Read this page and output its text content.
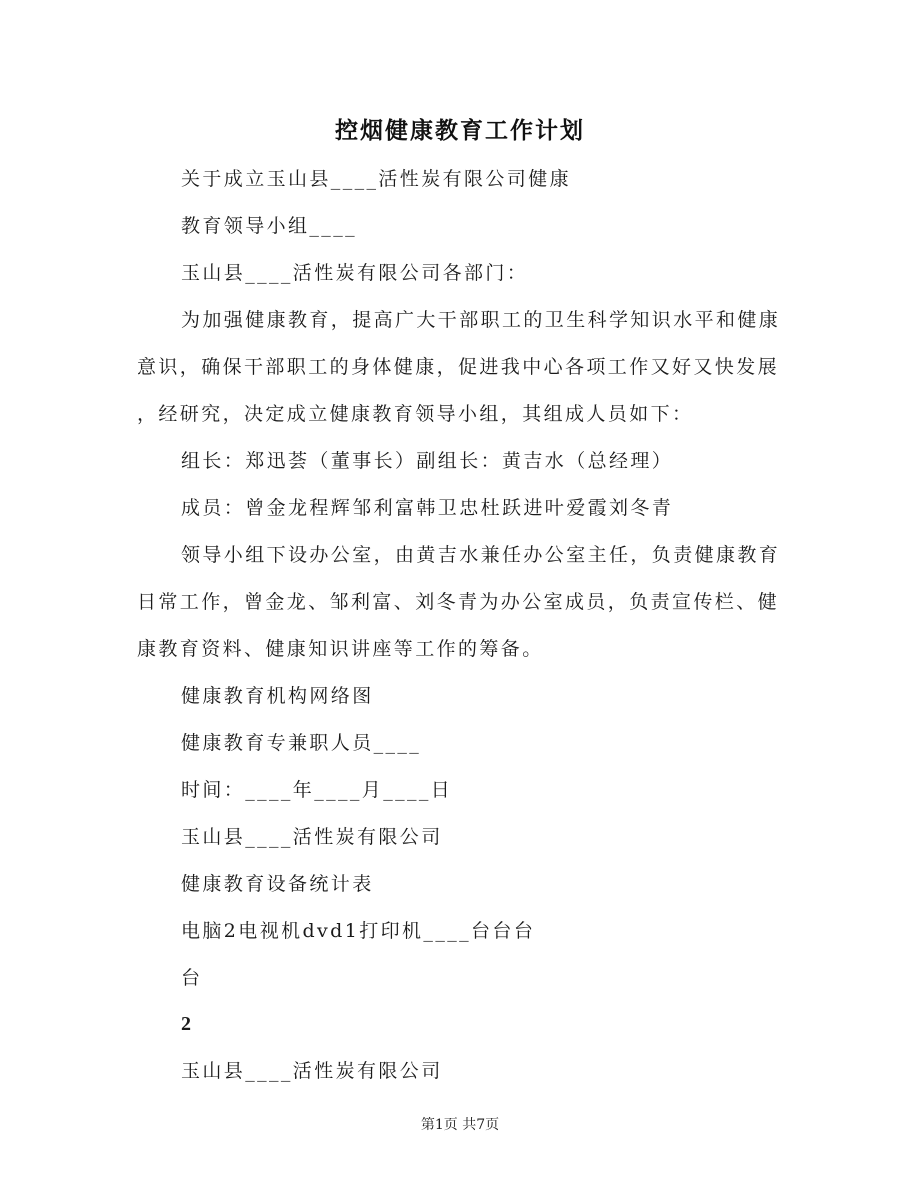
控烟健康教育工作计划
关于成立玉山县____活性炭有限公司健康
教育领导小组____
玉山县____活性炭有限公司各部门：
为加强健康教育，提高广大干部职工的卫生科学知识水平和健康
意识，确保干部职工的身体健康，促进我中心各项工作又好又快发展
，经研究，决定成立健康教育领导小组，其组成人员如下：
组长：郑迅荟（董事长）副组长：黄吉水（总经理）
成员：曾金龙程辉邹利富韩卫忠杜跃进叶爱霞刘冬青
领导小组下设办公室，由黄吉水兼任办公室主任，负责健康教育
日常工作，曾金龙、邹利富、刘冬青为办公室成员，负责宣传栏、健
康教育资料、健康知识讲座等工作的筹备。
健康教育机构网络图
健康教育专兼职人员____
时间：____年____月____日
玉山县____活性炭有限公司
健康教育设备统计表
电脑2电视机dvd1打印机____台台台
台
2
玉山县____活性炭有限公司
第1页 共7页
